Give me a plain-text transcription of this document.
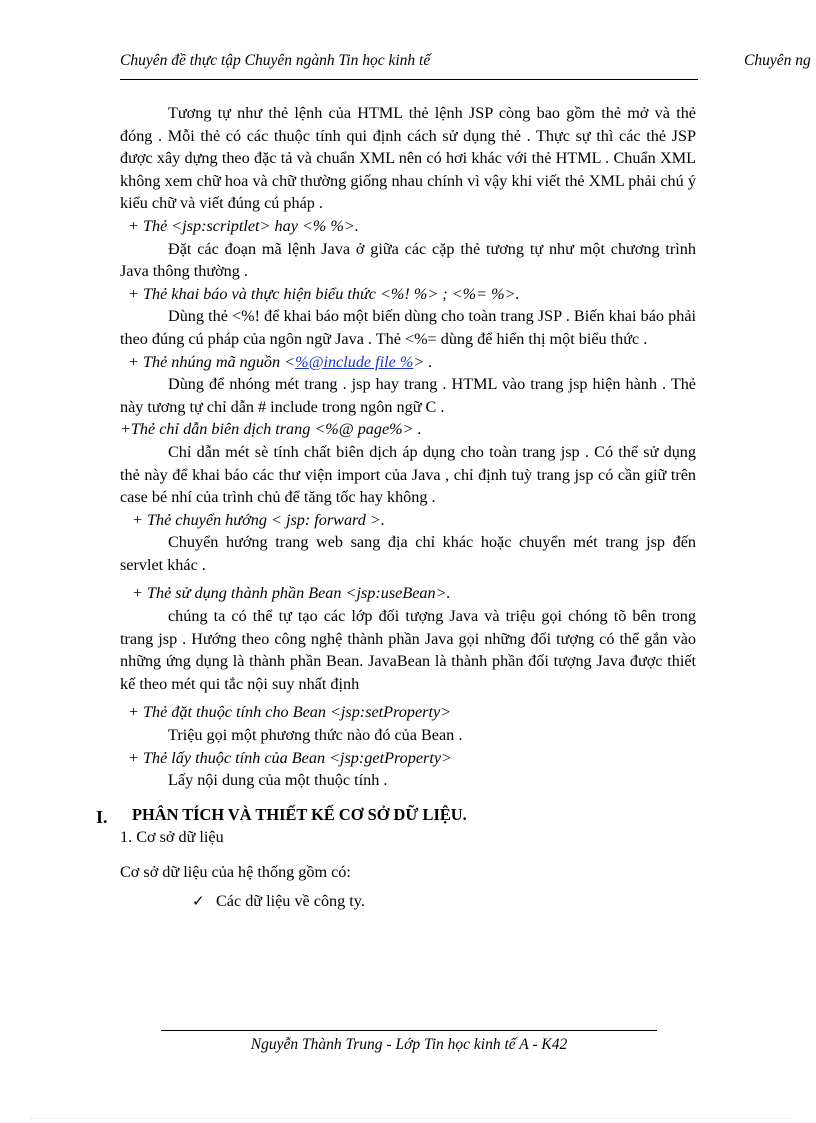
Chuyên đề thực tập Chuyên ngành Tin học kinh tế	Chuyên ng

Tương tự như thẻ lệnh của HTML thẻ lệnh JSP còng bao gồm thẻ mở và thẻ đóng . Mỗi thẻ có các thuộc tính qui định cách sử dụng thẻ . Thực sự thì các thẻ JSP được xây dựng theo đặc tả và chuẩn XML nên có hơi khác với thẻ HTML . Chuẩn XML không xem chữ hoa và chữ thường giống nhau chính vì vậy khi viết thẻ XML phải chú ý kiểu chữ và viết đúng cú pháp .

+ Thẻ <jsp:scriptlet> hay <% %>.

Đặt các đoạn mã lệnh Java ở giữa các cặp thẻ tương tự như một chương trình Java thông thường .

+ Thẻ khai báo và thực hiện biểu thức <%! %> ; <%= %>.

Dùng thẻ <%! để khai báo một biến dùng cho toàn trang JSP . Biến khai báo phải theo đúng cú pháp của ngôn ngữ Java . Thẻ <%= dùng để hiển thị một biểu thức .

+ Thẻ nhúng mã nguồn <%@include file %> .

Dùng để nhóng mét trang . jsp hay trang . HTML vào trang jsp hiện hành . Thẻ này tương tự chỉ dẫn # include trong ngôn ngữ C .

+Thẻ chỉ dẫn biên dịch trang <%@ page%> .

Chỉ dẫn mét sè tính chất biên dịch áp dụng cho toàn trang jsp . Có thể sử dụng thẻ này để khai báo các thư viện import của Java , chỉ định tuỳ trang jsp có cần giữ trên case bé nhí của trình chủ để tăng tốc hay không .

+ Thẻ chuyển hướng < jsp: forward >.

Chuyển hướng trang web sang địa chỉ khác hoặc chuyển mét trang jsp đến servlet khác .

+ Thẻ sử dụng thành phần Bean <jsp:useBean>.

chúng ta có thể tự tạo các lớp đối tượng Java và triệu gọi chóng tõ bên trong trang jsp . Hướng theo công nghệ thành phần Java gọi những đối tượng có thể gắn vào những ứng dụng là thành phần Bean. JavaBean là thành phần đối tượng Java được thiết kế theo mét qui tắc nội suy nhất định

+ Thẻ đặt thuộc tính cho Bean <jsp:setProperty>

Triệu gọi một phương thức nào đó của Bean .

+ Thẻ lấy thuộc tính của Bean <jsp:getProperty>

Lấy nội dung của một thuộc tính .

I. PHÂN TÍCH VÀ THIẾT KẾ CƠ SỞ DỮ LIỆU.

1. Cơ sở dữ liệu

Cơ sở dữ liệu của hệ thống gồm có:

✓ Các dữ liệu về công ty.

Nguyễn Thành Trung - Lớp Tin học kinh tế A - K42
